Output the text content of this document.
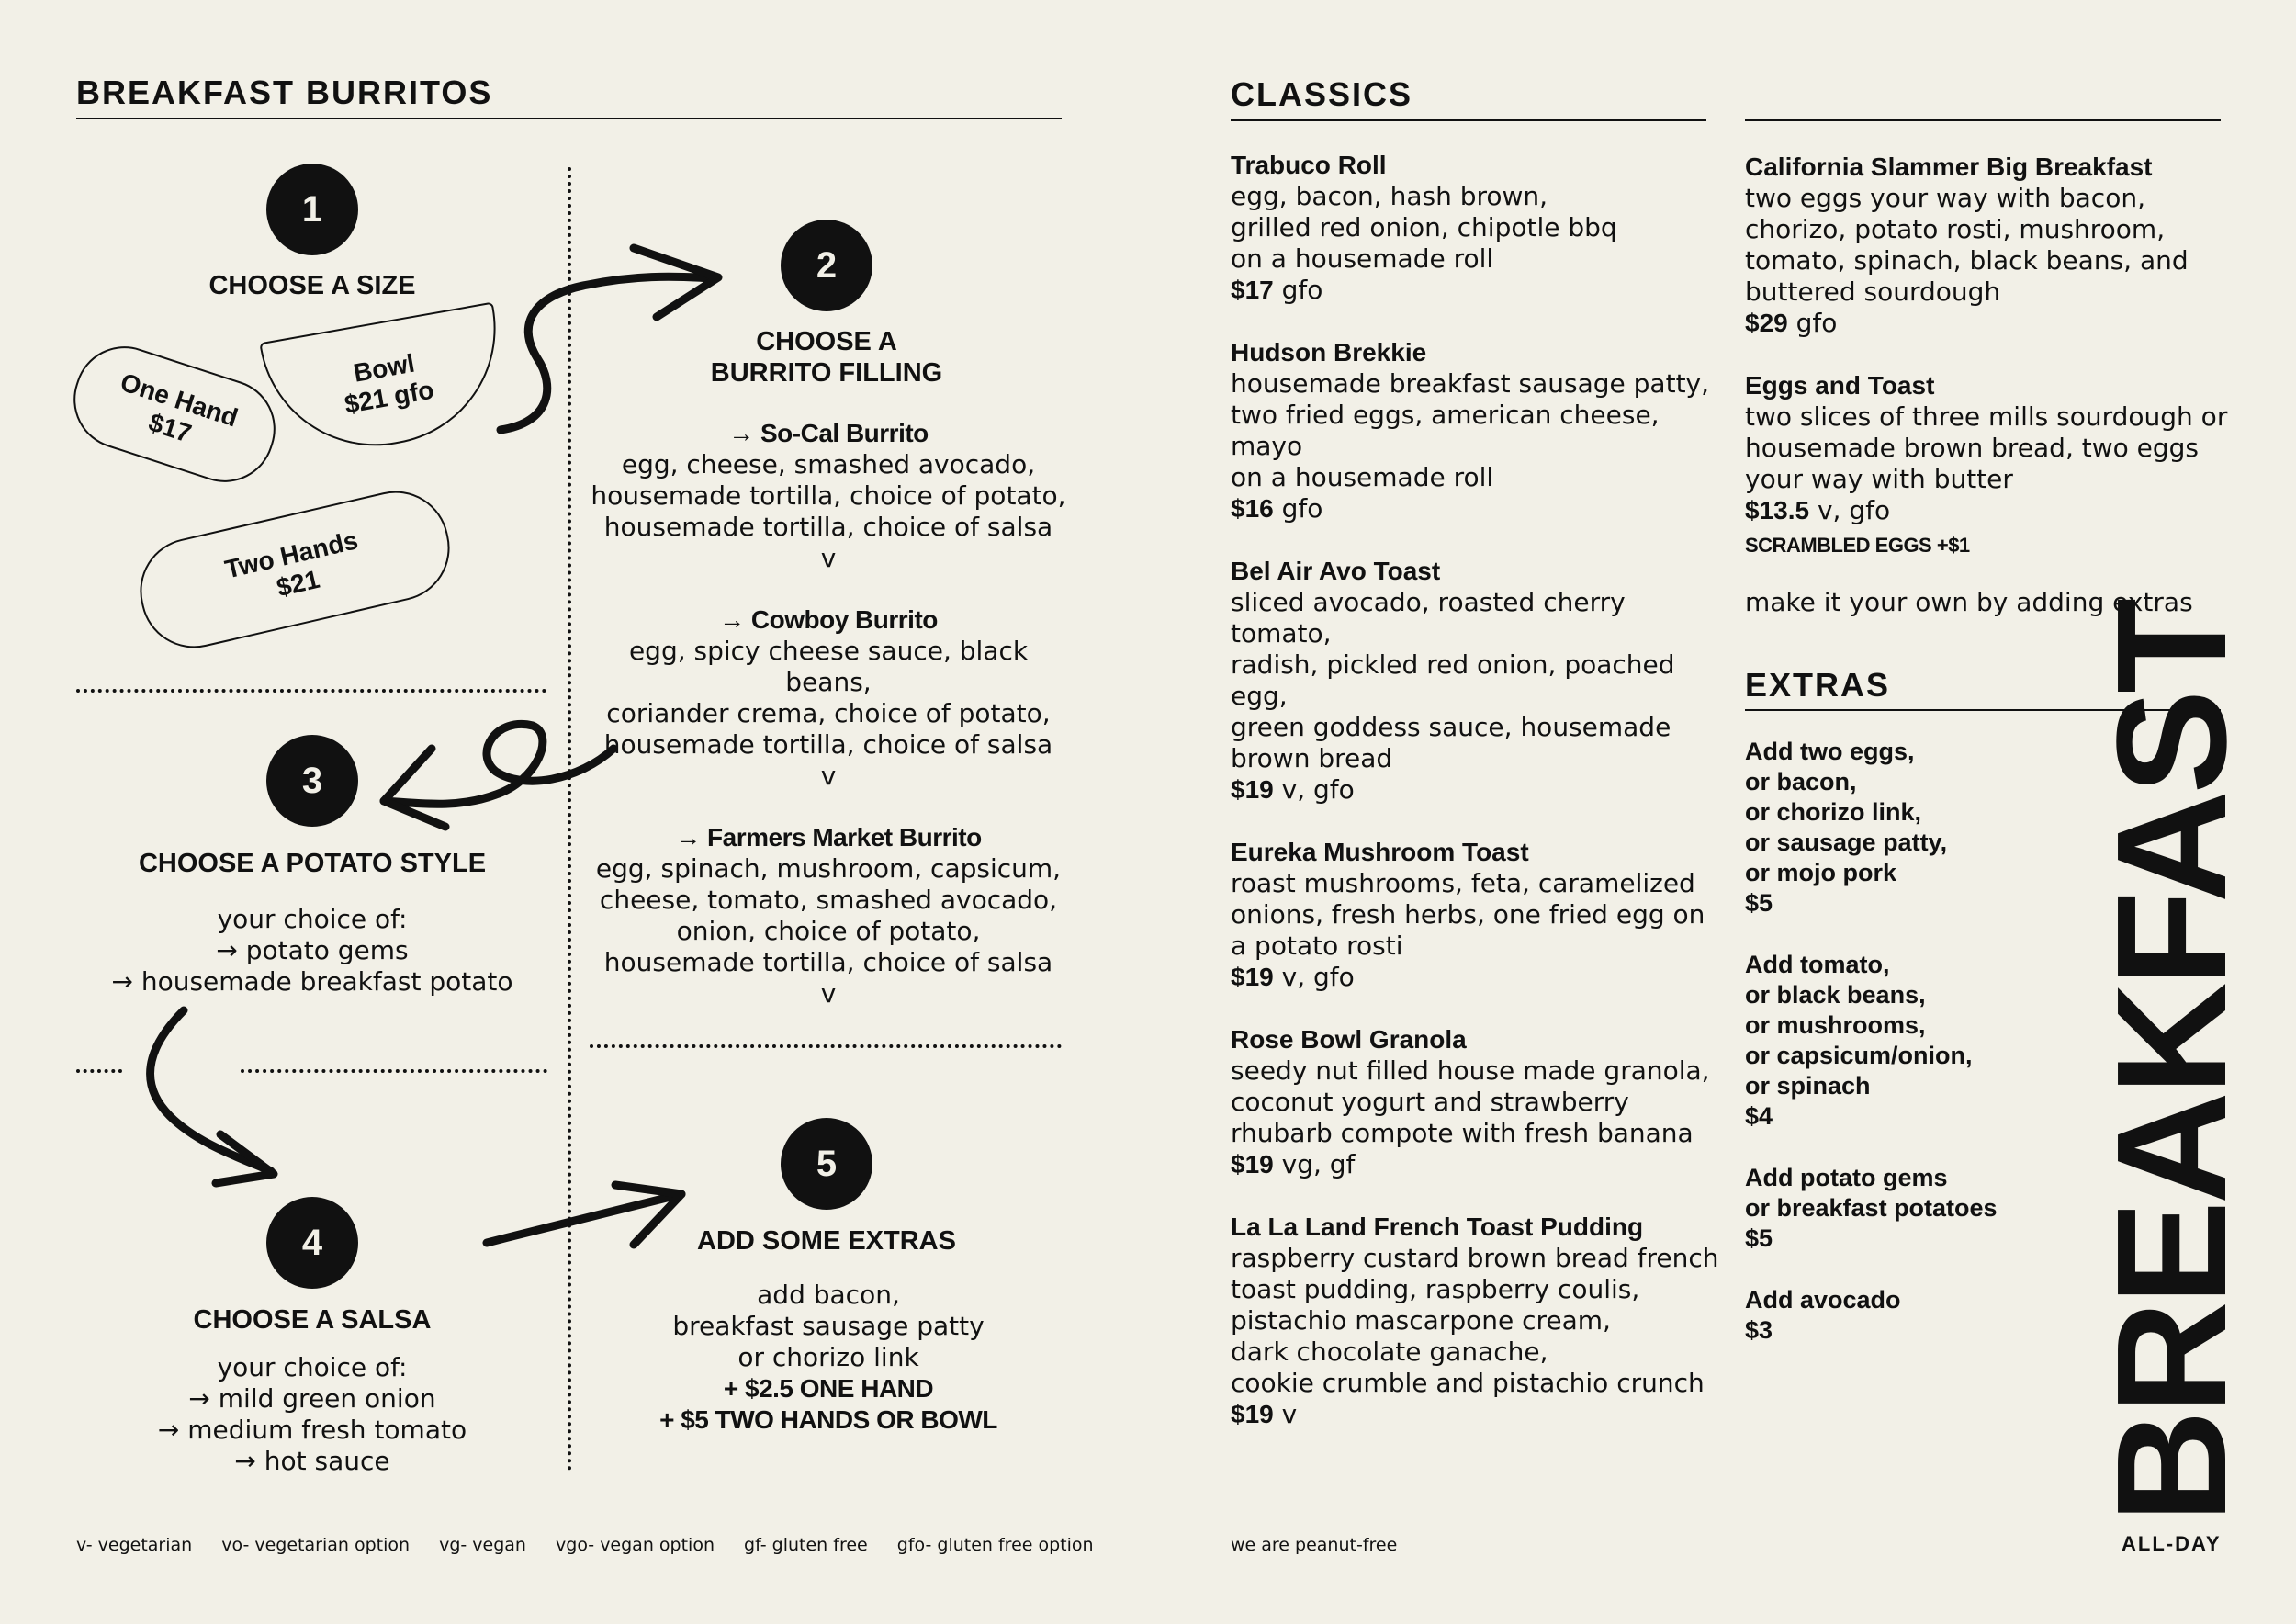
BREAKFAST BURRITOS
1
CHOOSE A SIZE
One Hand
$17
Bowl
$21 gfo
Two Hands
$21
2
CHOOSE A
BURRITO FILLING
→ So-Cal Burrito
egg, cheese, smashed avocado,
housemade tortilla, choice of potato,
housemade tortilla, choice of salsa
v
→ Cowboy Burrito
egg, spicy cheese sauce, black beans,
coriander crema, choice of potato,
housemade tortilla, choice of salsa
v
→ Farmers Market Burrito
egg, spinach, mushroom, capsicum,
cheese, tomato, smashed avocado,
onion, choice of potato,
housemade tortilla, choice of salsa
v
3
CHOOSE A POTATO STYLE
your choice of:
→ potato gems
→ housemade breakfast potato
4
CHOOSE A SALSA
your choice of:
→ mild green onion
→ medium fresh tomato
→ hot sauce
5
ADD SOME EXTRAS
add bacon,
breakfast sausage patty
or chorizo link
+ $2.5 ONE HAND
+ $5 TWO HANDS OR BOWL
v- vegetarian vo- vegetarian option vg- vegan vgo- vegan option gf- gluten free gfo- gluten free option
CLASSICS
Trabuco Roll
egg, bacon, hash brown,
grilled red onion, chipotle bbq
on a housemade roll
$17 gfo
Hudson Brekkie
housemade breakfast sausage patty,
two fried eggs, american cheese, mayo
on a housemade roll
$16 gfo
Bel Air Avo Toast
sliced avocado, roasted cherry tomato,
radish, pickled red onion, poached egg,
green goddess sauce, housemade
brown bread
$19 v, gfo
Eureka Mushroom Toast
roast mushrooms, feta, caramelized
onions, fresh herbs, one fried egg on
a potato rosti
$19 v, gfo
Rose Bowl Granola
seedy nut filled house made granola,
coconut yogurt and strawberry
rhubarb compote with fresh banana
$19 vg, gf
La La Land French Toast Pudding
raspberry custard brown bread french
toast pudding, raspberry coulis,
pistachio mascarpone cream,
dark chocolate ganache,
cookie crumble and pistachio crunch
$19 v
we are peanut-free
California Slammer Big Breakfast
two eggs your way with bacon,
chorizo, potato rosti, mushroom,
tomato, spinach, black beans, and
buttered sourdough
$29 gfo
Eggs and Toast
two slices of three mills sourdough or
housemade brown bread, two eggs
your way with butter
$13.5 v, gfo
SCRAMBLED EGGS +$1
make it your own by adding extras
EXTRAS
Add two eggs,
or bacon,
or chorizo link,
or sausage patty,
or mojo pork
$5
Add tomato,
or black beans,
or mushrooms,
or capsicum/onion,
or spinach
$4
Add potato gems
or breakfast potatoes
$5
Add avocado
$3	BREAKFAST
ALL-DAY
